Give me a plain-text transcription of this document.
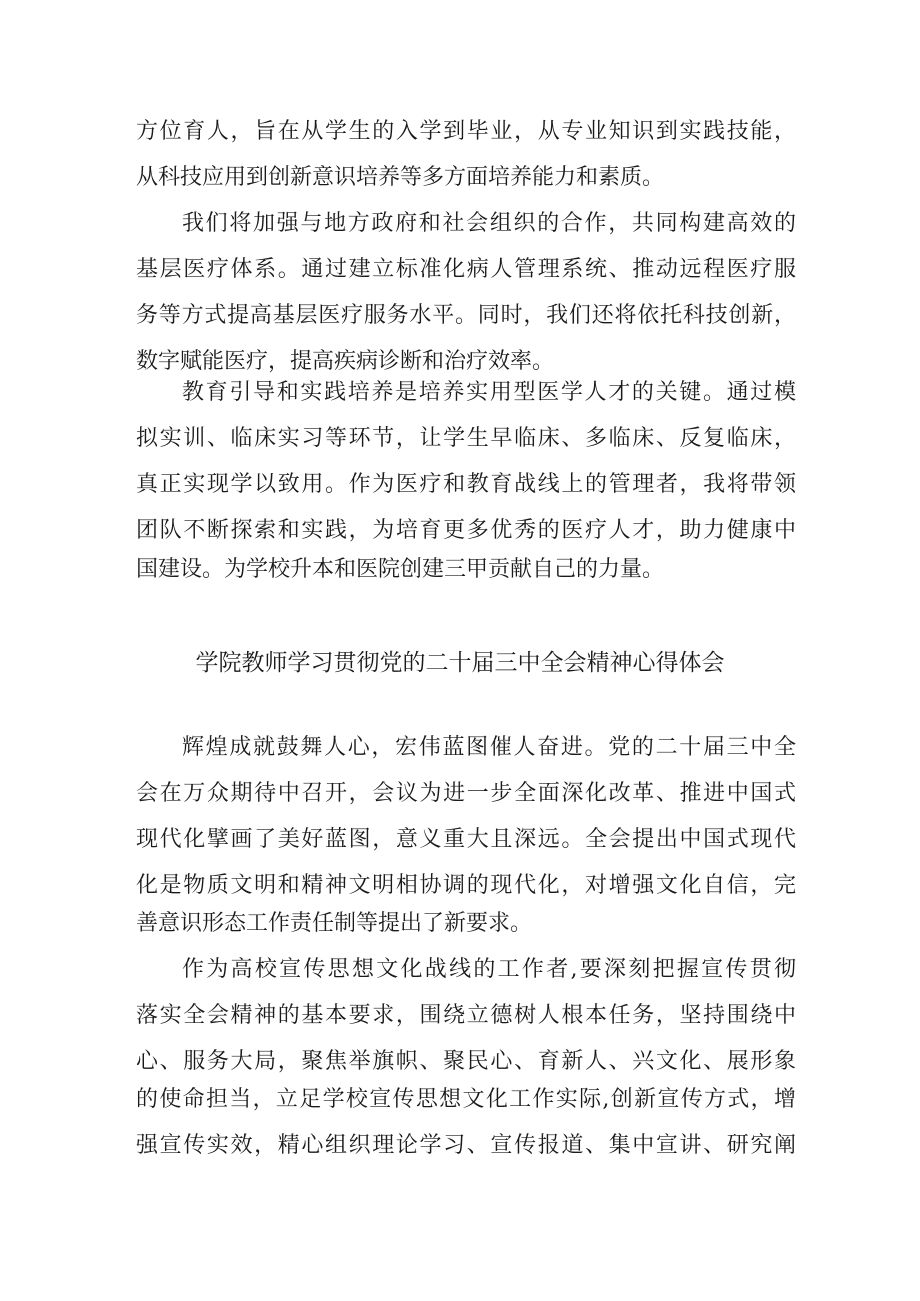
方位育人，旨在从学生的入学到毕业，从专业知识到实践技能，
从科技应用到创新意识培养等多方面培养能力和素质。
我们将加强与地方政府和社会组织的合作，共同构建高效的
基层医疗体系。通过建立标准化病人管理系统、推动远程医疗服
务等方式提高基层医疗服务水平。同时，我们还将依托科技创新，
数字赋能医疗，提高疾病诊断和治疗效率。
教育引导和实践培养是培养实用型医学人才的关键。通过模
拟实训、临床实习等环节，让学生早临床、多临床、反复临床，
真正实现学以致用。作为医疗和教育战线上的管理者，我将带领
团队不断探索和实践，为培育更多优秀的医疗人才，助力健康中
国建设。为学校升本和医院创建三甲贡献自己的力量。
学院教师学习贯彻党的二十届三中全会精神心得体会
辉煌成就鼓舞人心，宏伟蓝图催人奋进。党的二十届三中全
会在万众期待中召开，会议为进一步全面深化改革、推进中国式
现代化擘画了美好蓝图，意义重大且深远。全会提出中国式现代
化是物质文明和精神文明相协调的现代化，对增强文化自信，完
善意识形态工作责任制等提出了新要求。
作为高校宣传思想文化战线的工作者,要深刻把握宣传贯彻
落实全会精神的基本要求，围绕立德树人根本任务，坚持围绕中
心、服务大局，聚焦举旗帜、聚民心、育新人、兴文化、展形象
的使命担当，立足学校宣传思想文化工作实际,创新宣传方式，增
强宣传实效，精心组织理论学习、宣传报道、集中宣讲、研究阐
